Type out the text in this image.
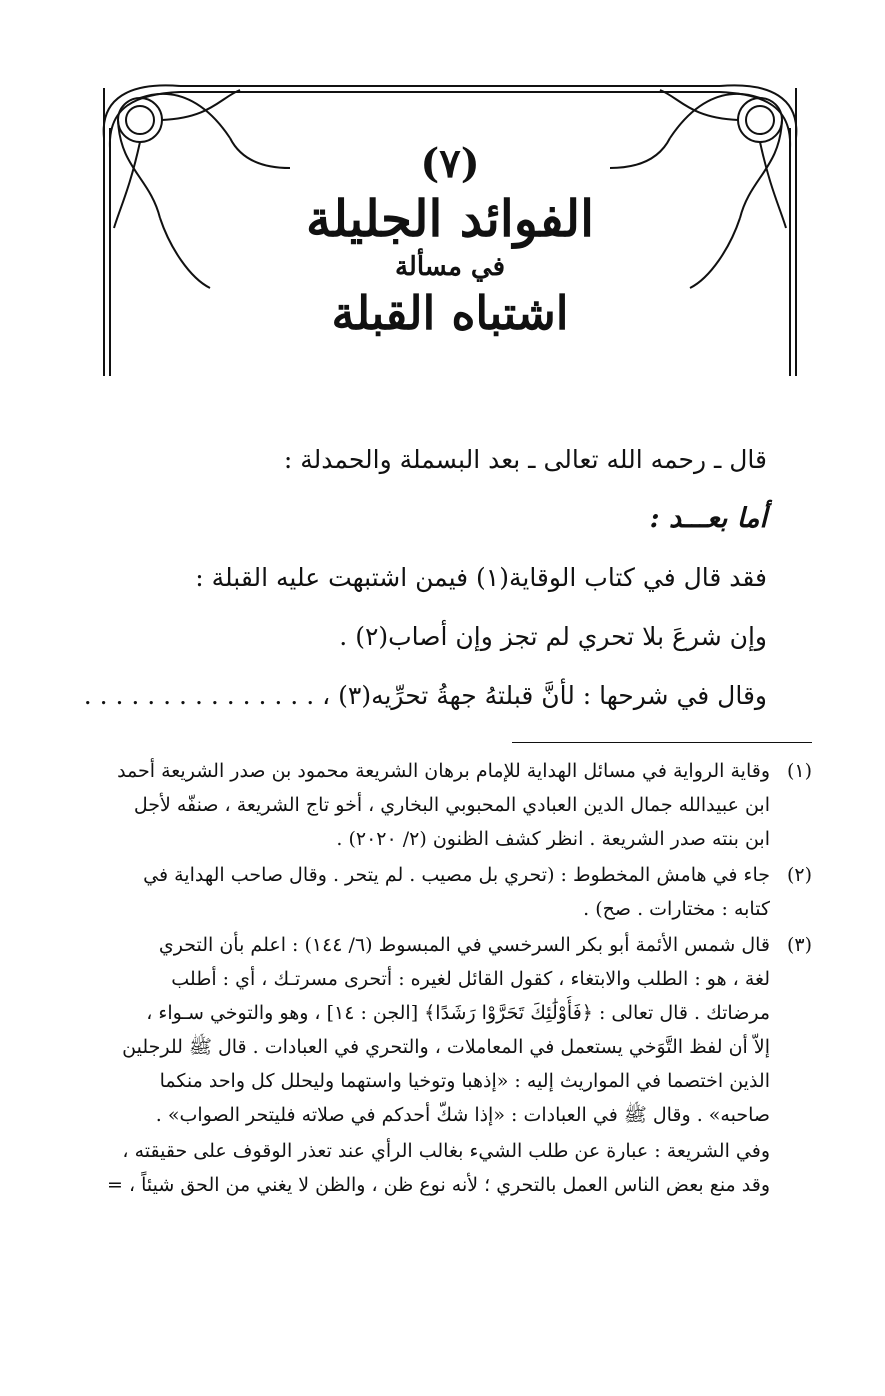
(٧)
الفوائد الجليلة
في مسألة
اشتباه القبلة
قال ـ رحمه الله تعالى ـ بعد البسملة والحمدلة :
أما بعـــد :
فقد قال في كتاب الوقاية(١) فيمن اشتبهت عليه القبلة :
وإن شرعَ بلا تحري لم تجز وإن أصاب(٢) .
وقال في شرحها : لأنَّ قبلتهُ جهةُ تحرِّيه(٣) ، . . . . . . . . . . . . . . .
(١)
وقاية الرواية في مسائل الهداية للإمام برهان الشريعة محمود بن صدر الشريعة أحمد
ابن عبيدالله جمال الدين العبادي المحبوبي البخاري ، أخو تاج الشريعة ، صنفّه لأجل
ابن بنته صدر الشريعة . انظر كشف الظنون (٢/ ٢٠٢٠) .
(٢)
جاء في هامش المخطوط : (تحري بل مصيب . لم يتحر . وقال صاحب الهداية في
كتابه : مختارات . صح) .
(٣)
قال شمس الأئمة أبو بكر السرخسي في المبسوط (٦/ ١٤٤) : اعلم بأن التحري
لغة ، هو : الطلب والابتغاء ، كقول القائل لغيره : أتحرى مسرتـك ، أي : أطلب
مرضاتك . قال تعالى : ﴿فَأُوْلَٰئِكَ تَحَرَّوْا رَشَدًا﴾ [الجن : ١٤] ، وهو والتوخي سـواء ،
إلاّ أن لفظ التَّوَخي يستعمل في المعاملات ، والتحري في العبادات . قال ﷺ للرجلين
الذين اختصما في المواريث إليه : «إذهبا وتوخيا واستهما وليحلل كل واحد منكما
صاحبه» . وقال ﷺ في العبادات : «إذا شكّ أحدكم في صلاته فليتحر الصواب» .
وفي الشريعة : عبارة عن طلب الشيء بغالب الرأي عند تعذر الوقوف على حقيقته ،
وقد منع بعض الناس العمل بالتحري ؛ لأنه نوع ظن ، والظن لا يغني من الحق شيئاً ، =
